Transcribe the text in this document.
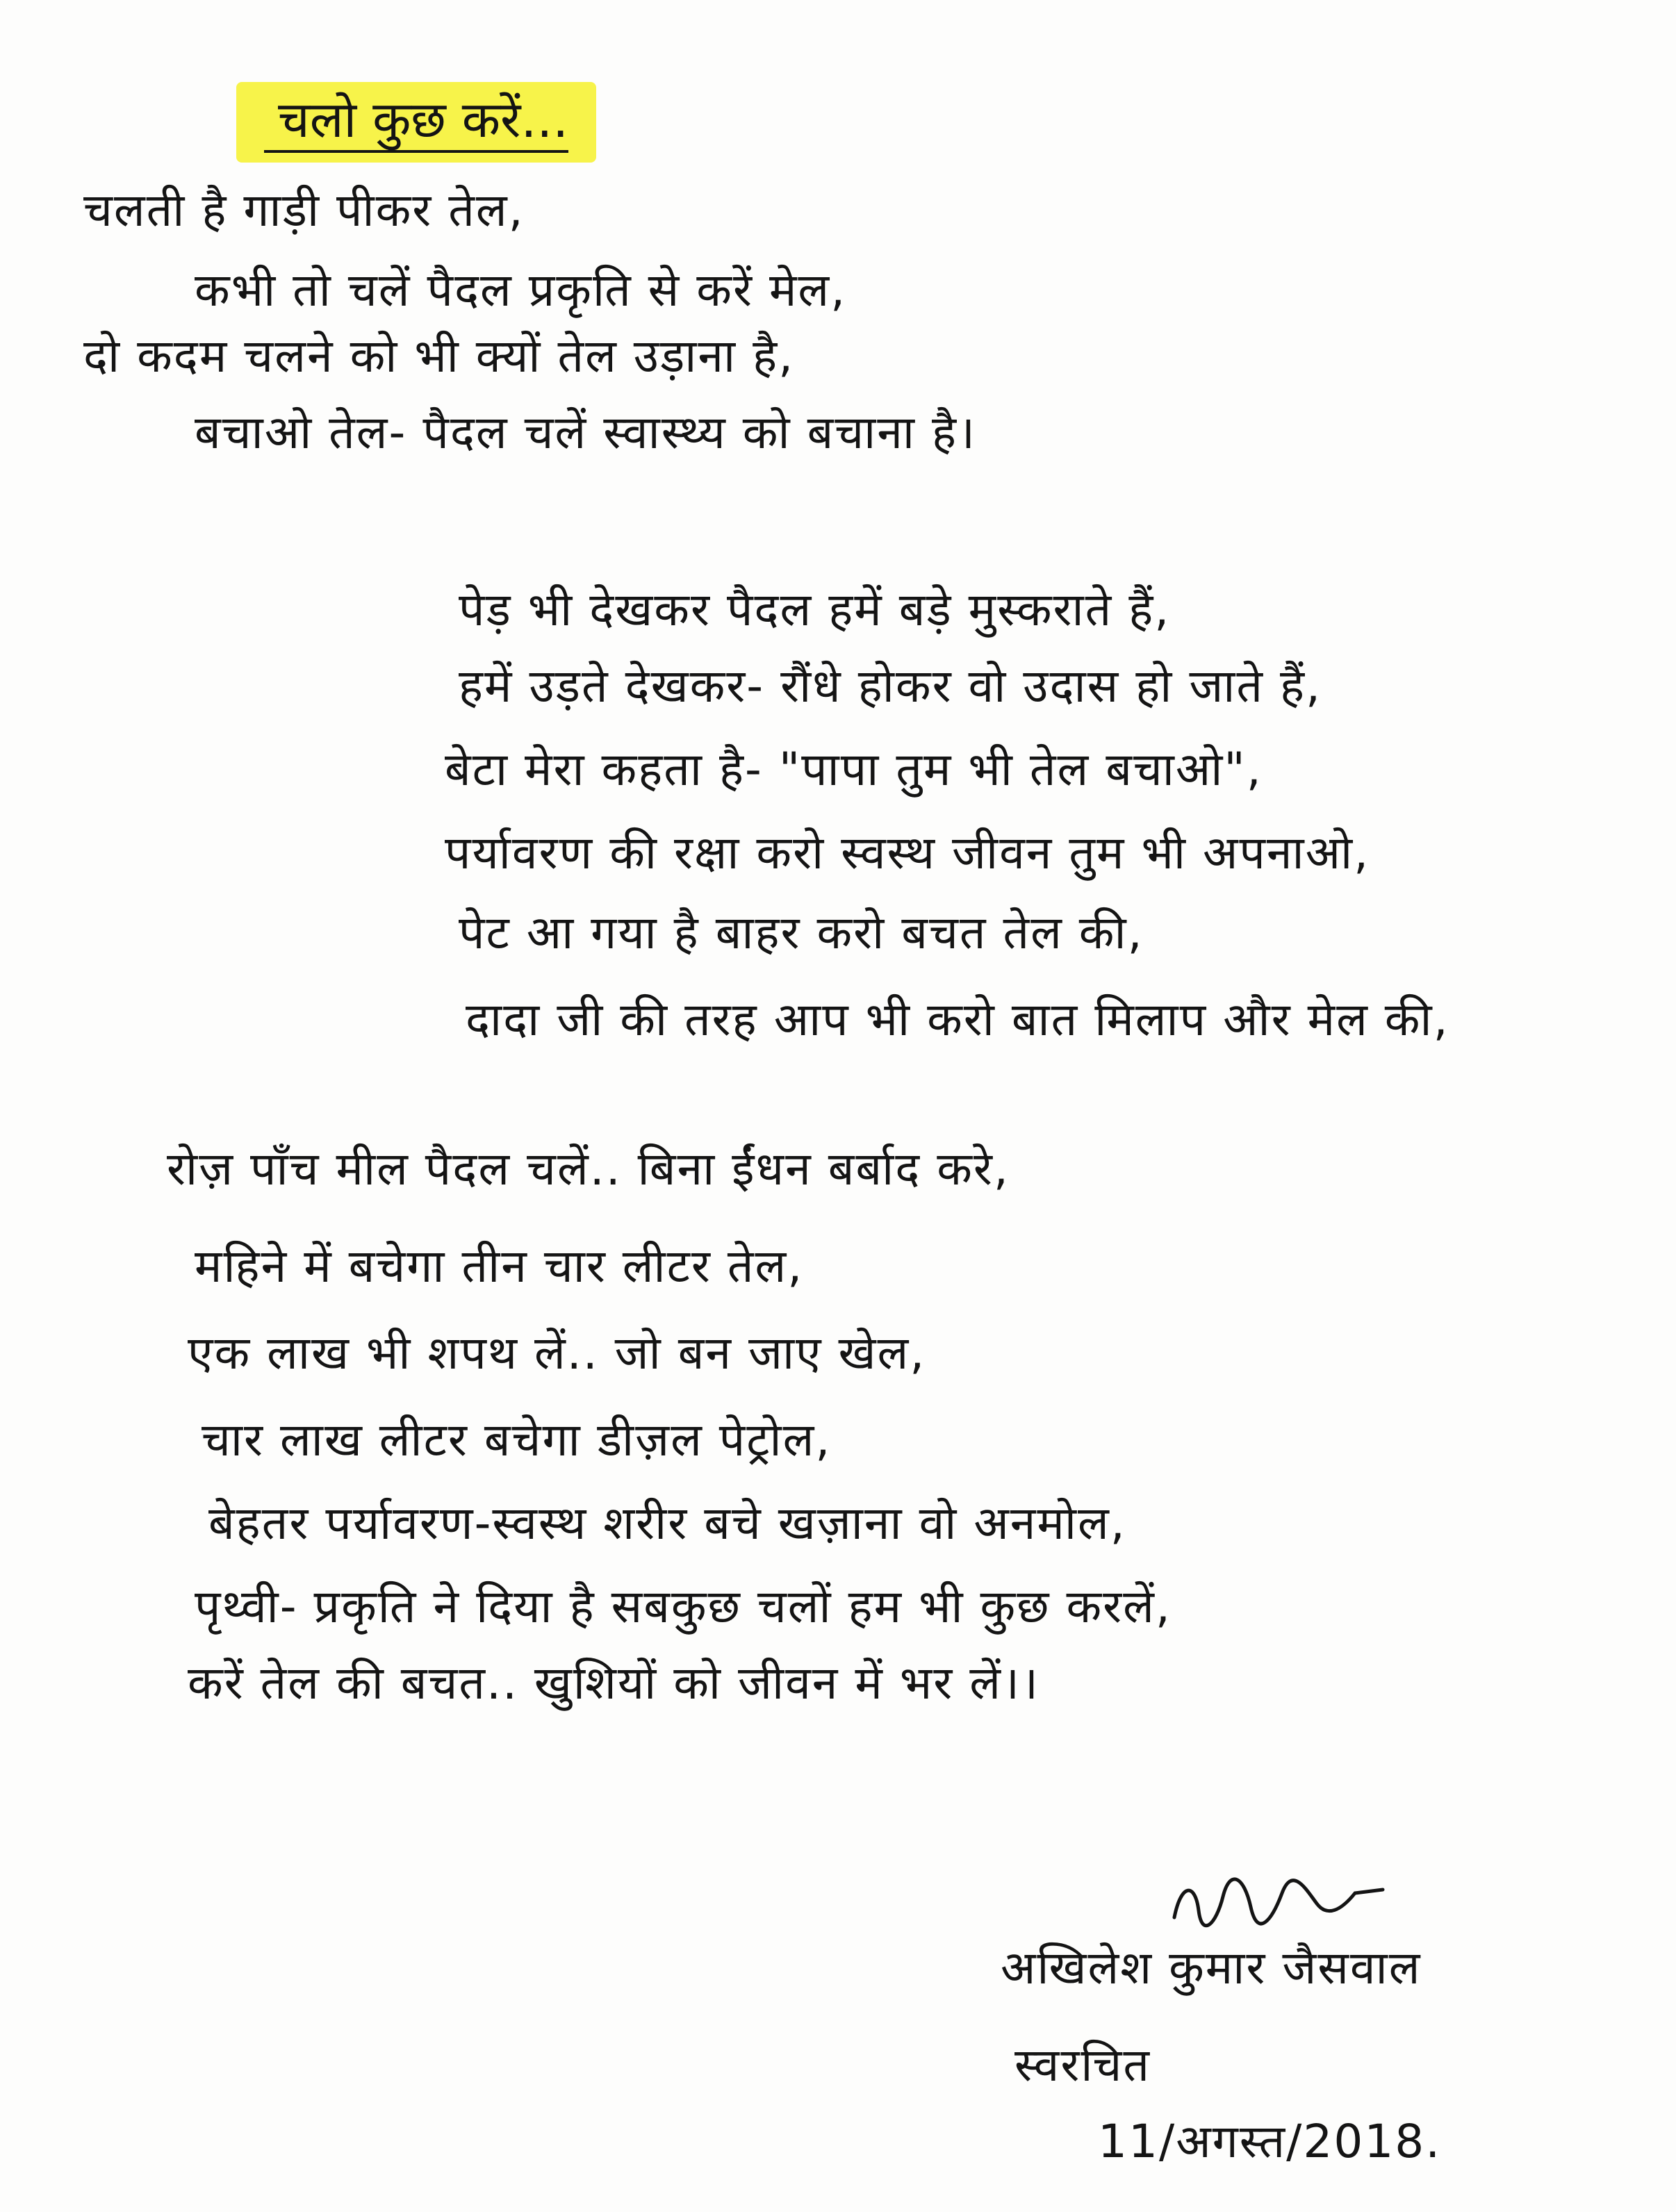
चलो कुछ करें...
चलती है गाड़ी पीकर तेल,
कभी तो चलें पैदल प्रकृति से करें मेल,
दो कदम चलने को भी क्यों तेल उड़ाना है,
बचाओ तेल- पैदल चलें स्वास्थ्य को बचाना है।
पेड़ भी देखकर पैदल हमें बड़े मुस्कराते हैं,
हमें उड़ते देखकर- रौंधे होकर वो उदास हो जाते हैं,
बेटा मेरा कहता है- "पापा तुम भी तेल बचाओ",
पर्यावरण की रक्षा करो स्वस्थ जीवन तुम भी अपनाओ,
पेट आ गया है बाहर करो बचत तेल की,
दादा जी की तरह आप भी करो बात मिलाप और मेल की,
रोज़ पाँच मील पैदल चलें.. बिना ईंधन बर्बाद करे,
महिने में बचेगा तीन चार लीटर तेल,
एक लाख भी शपथ लें.. जो बन जाए खेल,
चार लाख लीटर बचेगा डीज़ल पेट्रोल,
बेहतर पर्यावरण-स्वस्थ शरीर बचे खज़ाना वो अनमोल,
पृथ्वी- प्रकृति ने दिया है सबकुछ चलों हम भी कुछ करलें,
करें तेल की बचत.. खुशियों को जीवन में भर लें।।
अखिलेश कुमार जैसवाल
स्वरचित
11/अगस्त/2018.
